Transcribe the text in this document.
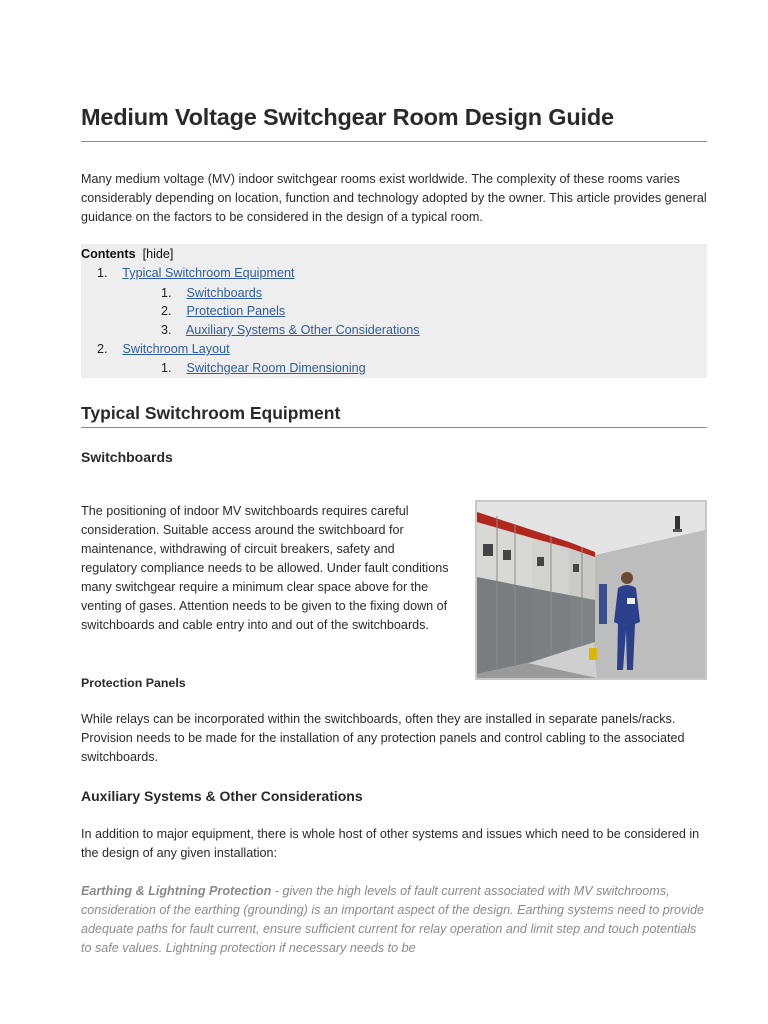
Medium Voltage Switchgear Room Design Guide

Many medium voltage (MV) indoor switchgear rooms exist worldwide. The complexity of these rooms varies considerably depending on location, function and technology adopted by the owner. This article provides general guidance on the factors to be considered in the design of a typical room.

Contents [hide]
1. Typical Switchroom Equipment
1. Switchboards
2. Protection Panels
3. Auxiliary Systems & Other Considerations
2. Switchroom Layout
1. Switchgear Room Dimensioning
Typical Switchroom Equipment
Switchboards

The positioning of indoor MV switchboards requires careful consideration. Suitable access around the switchboard for maintenance, withdrawing of circuit breakers, safety and regulatory compliance needs to be allowed. Under fault conditions many switchgear require a minimum clear space above for the venting of gases. Attention needs to be given to the fixing down of switchboards and cable entry into and out of the switchboards.

Protection Panels

While relays can be incorporated within the switchboards, often they are installed in separate panels/racks. Provision needs to be made for the installation of any protection panels and control cabling to the associated switchboards.

Auxiliary Systems & Other Considerations

In addition to major equipment, there is whole host of other systems and issues which need to be considered in the design of any given installation:

Earthing & Lightning Protection - given the high levels of fault current associated with MV switchrooms, consideration of the earthing (grounding) is an important aspect of the design. Earthing systems need to provide adequate paths for fault current, ensure sufficient current for relay operation and limit step and touch potentials to safe values. Lightning protection if necessary needs to be
